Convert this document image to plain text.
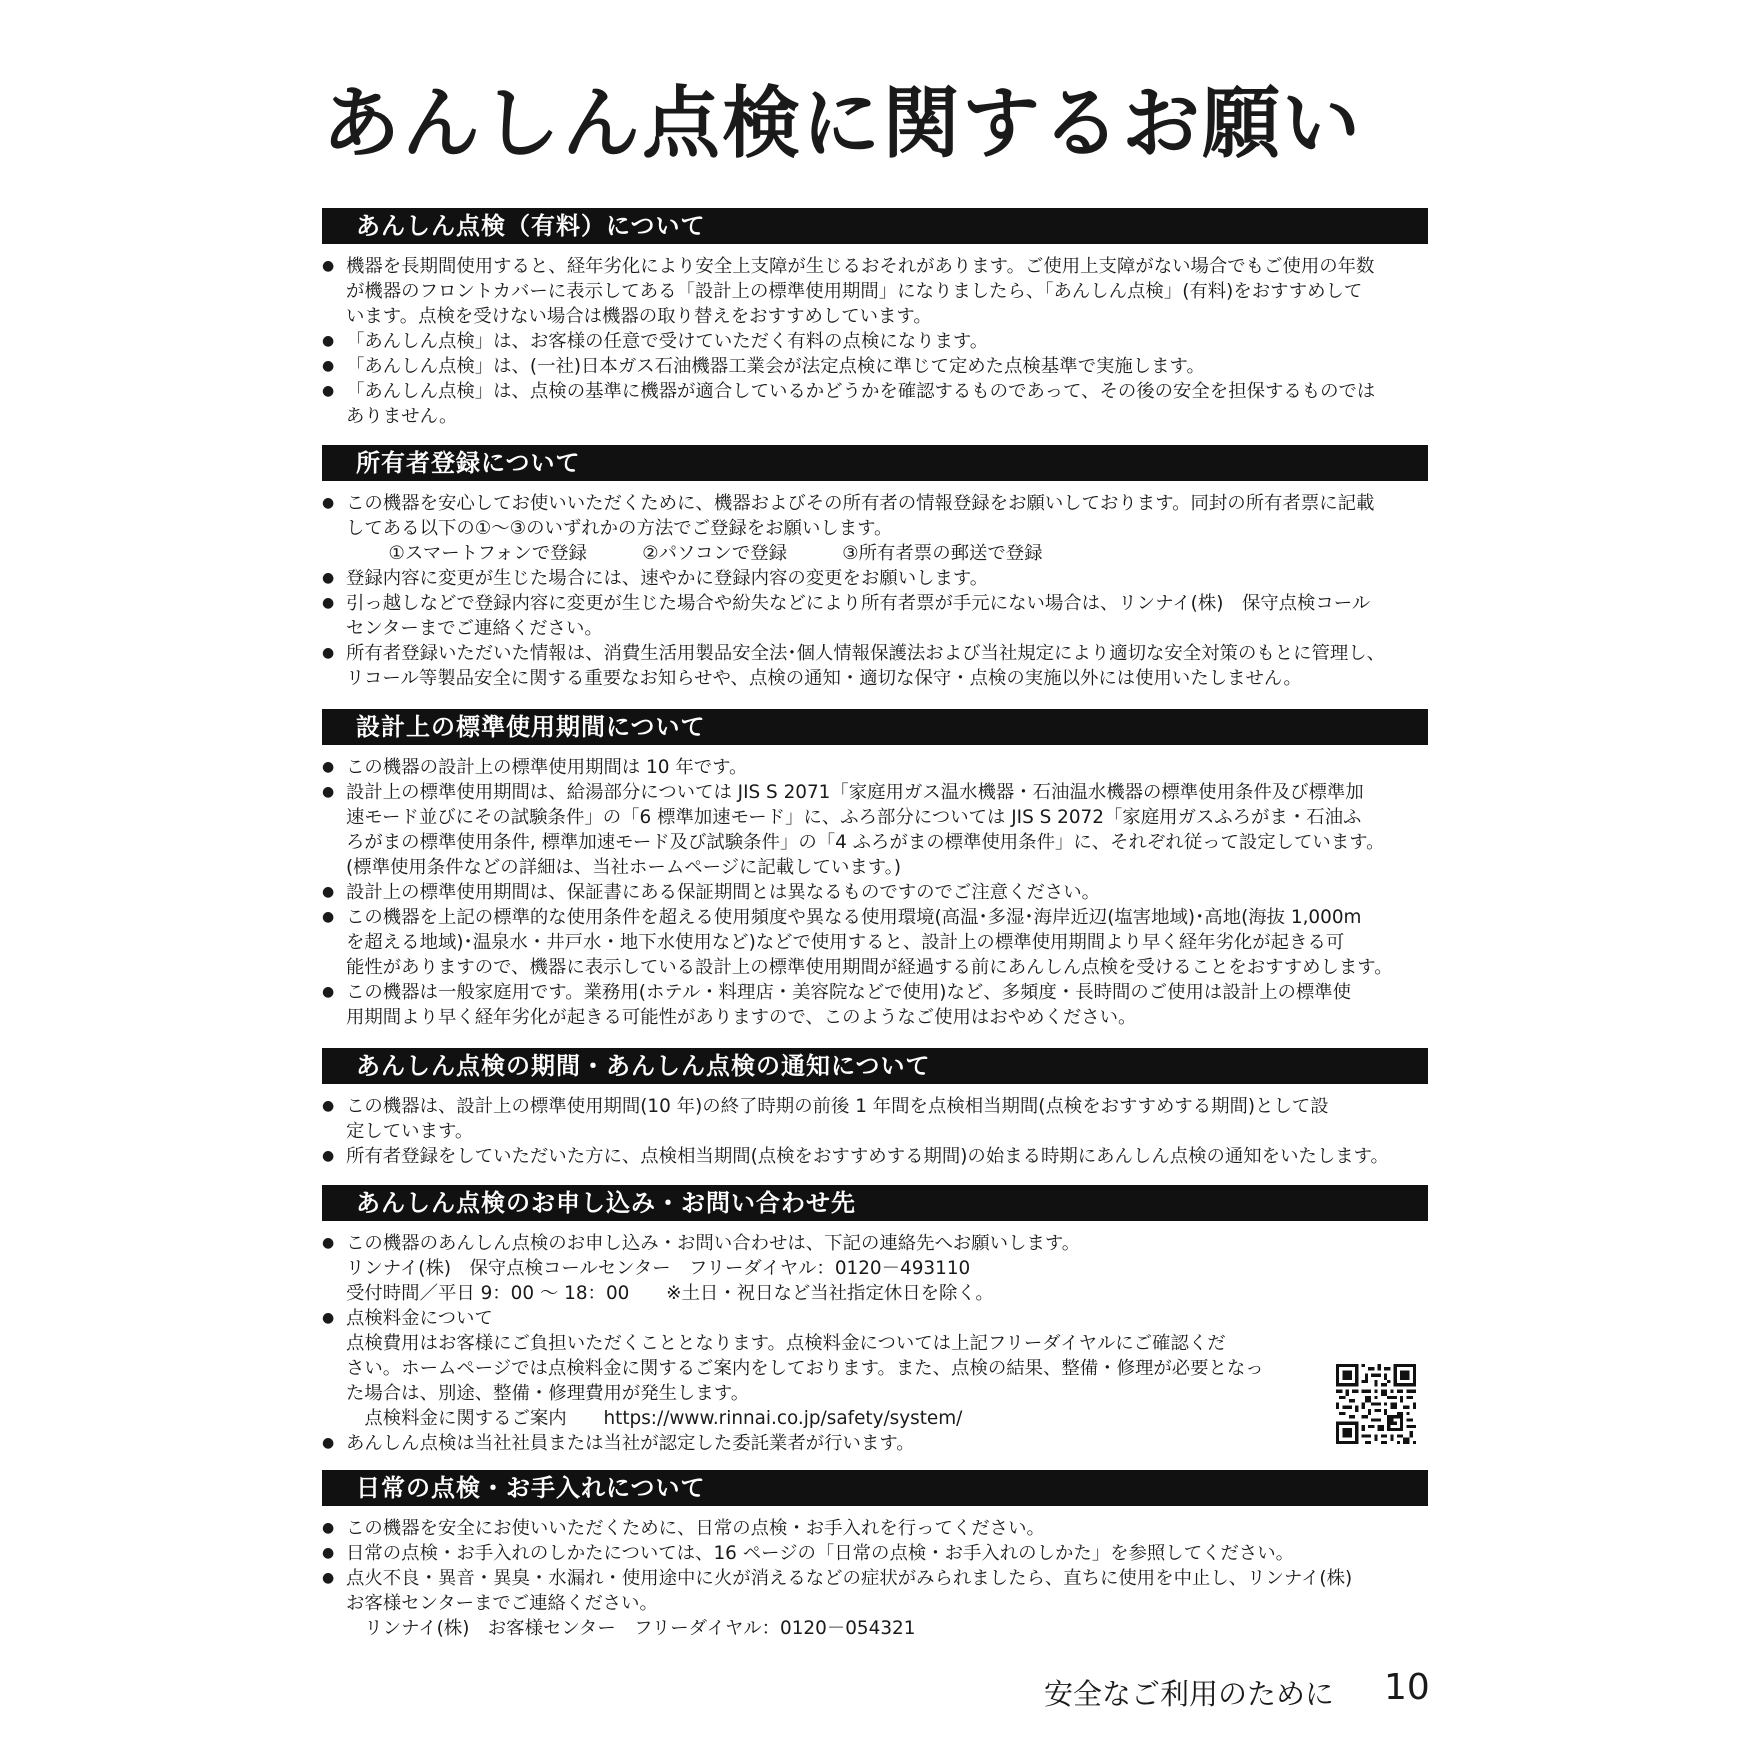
あんしん点検に関するお願い
あんしん点検（有料）について
● 機器を長期間使用すると、経年劣化により安全上支障が生じるおそれがあります。ご使用上支障がない場合でもご使用の年数
が機器のフロントカバーに表示してある「設計上の標準使用期間」になりましたら、「あんしん点検」(有料)をおすすめして
います。点検を受けない場合は機器の取り替えをおすすめしています。
● 「あんしん点検」は、お客様の任意で受けていただく有料の点検になります。
● 「あんしん点検」は、(一社)日本ガス石油機器工業会が法定点検に準じて定めた点検基準で実施します。
● 「あんしん点検」は、点検の基準に機器が適合しているかどうかを確認するものであって、その後の安全を担保するものでは
ありません。
所有者登録について
● この機器を安心してお使いいただくために、機器およびその所有者の情報登録をお願いしております。同封の所有者票に記載
してある以下の①〜③のいずれかの方法でご登録をお願いします。
　①スマートフォンで登録　　　②パソコンで登録　　　③所有者票の郵送で登録
● 登録内容に変更が生じた場合には、速やかに登録内容の変更をお願いします。
● 引っ越しなどで登録内容に変更が生じた場合や紛失などにより所有者票が手元にない場合は、リンナイ(株)　保守点検コール
センターまでご連絡ください。
● 所有者登録いただいた情報は、消費生活用製品安全法･個人情報保護法および当社規定により適切な安全対策のもとに管理し、
リコール等製品安全に関する重要なお知らせや、点検の通知・適切な保守・点検の実施以外には使用いたしません。
設計上の標準使用期間について
● この機器の設計上の標準使用期間は 10 年です。
● 設計上の標準使用期間は、給湯部分については JIS S 2071「家庭用ガス温水機器・石油温水機器の標準使用条件及び標準加
速モード並びにその試験条件」の「6 標準加速モード」に、ふろ部分については JIS S 2072「家庭用ガスふろがま・石油ふ
ろがまの標準使用条件, 標準加速モード及び試験条件」の「4 ふろがまの標準使用条件」に、それぞれ従って設定しています。
(標準使用条件などの詳細は、当社ホームページに記載しています。)
● 設計上の標準使用期間は、保証書にある保証期間とは異なるものですのでご注意ください。
● この機器を上記の標準的な使用条件を超える使用頻度や異なる使用環境(高温･多湿･海岸近辺(塩害地域)･高地(海抜 1,000m
を超える地域)･温泉水・井戸水・地下水使用など)などで使用すると、設計上の標準使用期間より早く経年劣化が起きる可
能性がありますので、機器に表示している設計上の標準使用期間が経過する前にあんしん点検を受けることをおすすめします。
● この機器は一般家庭用です。業務用(ホテル・料理店・美容院などで使用)など、多頻度・長時間のご使用は設計上の標準使
用期間より早く経年劣化が起きる可能性がありますので、このようなご使用はおやめください。
あんしん点検の期間・あんしん点検の通知について
● この機器は、設計上の標準使用期間(10 年)の終了時期の前後 1 年間を点検相当期間(点検をおすすめする期間)として設
定しています。
● 所有者登録をしていただいた方に、点検相当期間(点検をおすすめする期間)の始まる時期にあんしん点検の通知をいたします。
あんしん点検のお申し込み・お問い合わせ先
● この機器のあんしん点検のお申し込み・お問い合わせは、下記の連絡先へお願いします。
リンナイ(株)　保守点検コールセンター　フリーダイヤル：0120－493110
受付時間／平日 9：00 〜 18：00　　※土日・祝日など当社指定休日を除く。
● 点検料金について
点検費用はお客様にご負担いただくこととなります。点検料金については上記フリーダイヤルにご確認くだ
さい。ホームページでは点検料金に関するご案内をしております。また、点検の結果、整備・修理が必要となっ
た場合は、別途、整備・修理費用が発生します。
　点検料金に関するご案内　　https://www.rinnai.co.jp/safety/system/
● あんしん点検は当社社員または当社が認定した委託業者が行います。
日常の点検・お手入れについて
● この機器を安全にお使いいただくために、日常の点検・お手入れを行ってください。
● 日常の点検・お手入れのしかたについては、16 ページの「日常の点検・お手入れのしかた」を参照してください。
● 点火不良・異音・異臭・水漏れ・使用途中に火が消えるなどの症状がみられましたら、直ちに使用を中止し、リンナイ(株)
お客様センターまでご連絡ください。
　リンナイ(株)　お客様センター　フリーダイヤル：0120－054321
安全なご利用のために 10
